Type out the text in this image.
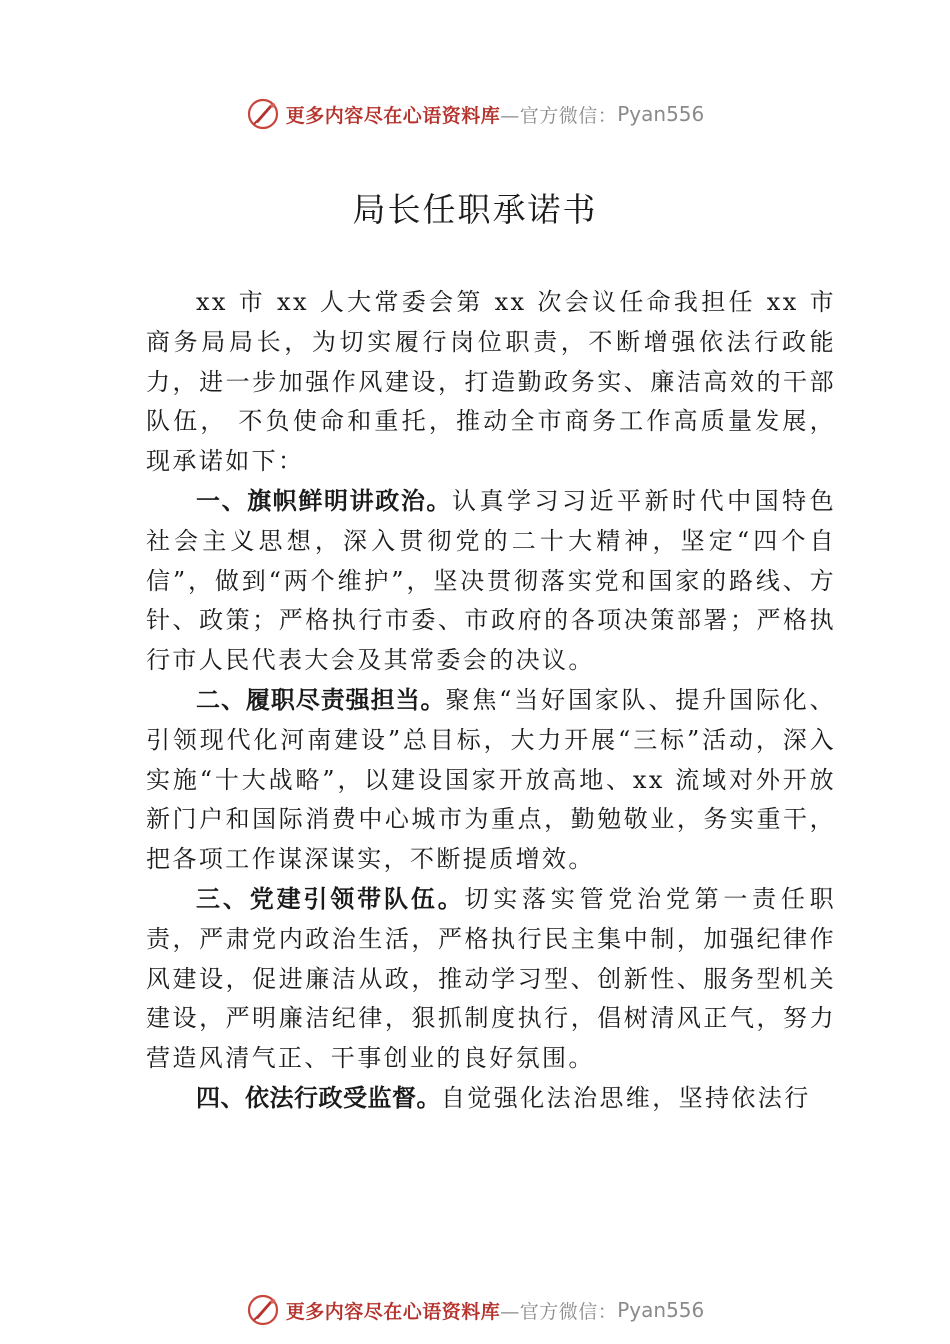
更多内容尽在心语资料库 —官方微信： Pyan556
局长任职承诺书

xx 市 xx 人大常委会第 xx 次会议任命我担任 xx 市商务局局长，为切实履行岗位职责，不断增强依法行政能力，进一步加强作风建设，打造勤政务实、廉洁高效的干部队伍， 不负使命和重托，推动全市商务工作高质量发展，现承诺如下：

一、旗帜鲜明讲政治。认真学习习近平新时代中国特色社会主义思想，深入贯彻党的二十大精神，坚定“四个自信”，做到“两个维护”，坚决贯彻落实党和国家的路线、方针、政策；严格执行市委、市政府的各项决策部署；严格执行市人民代表大会及其常委会的决议。

二、履职尽责强担当。聚焦“当好国家队、提升国际化、引领现代化河南建设”总目标，大力开展“三标”活动，深入实施“十大战略”，以建设国家开放高地、xx 流域对外开放新门户和国际消费中心城市为重点，勤勉敬业，务实重干， 把各项工作谋深谋实，不断提质增效。

三、党建引领带队伍。切实落实管党治党第一责任职责，严肃党内政治生活，严格执行民主集中制，加强纪律作风建设，促进廉洁从政，推动学习型、创新性、服务型机关建设，严明廉洁纪律，狠抓制度执行，倡树清风正气，努力营造风清气正、干事创业的良好氛围。

四、依法行政受监督。自觉强化法治思维，坚持依法行

更多内容尽在心语资料库 —官方微信： Pyan556
